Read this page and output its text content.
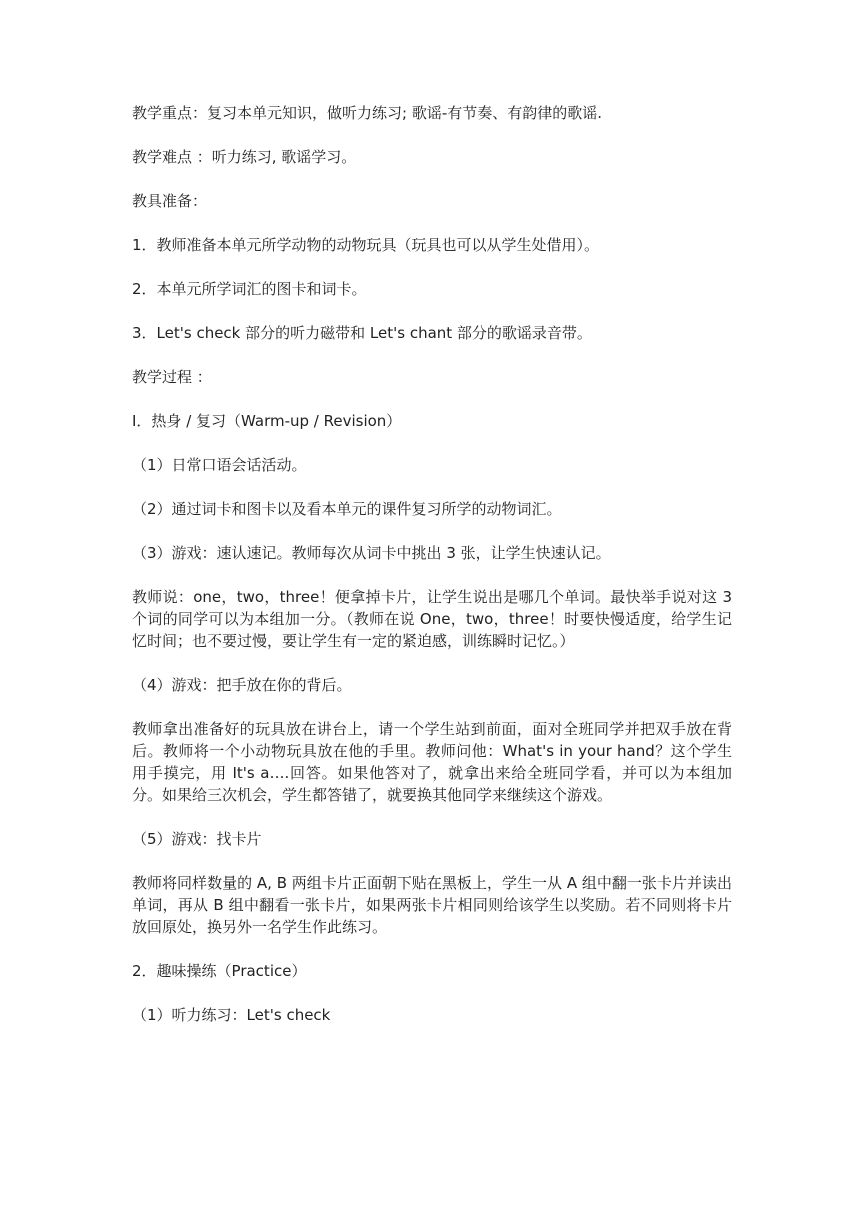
教学重点：复习本单元知识，做听力练习; 歌谣-有节奏、有韵律的歌谣.

教学难点 ：听力练习, 歌谣学习。

教具准备：

1．教师准备本单元所学动物的动物玩具（玩具也可以从学生处借用）。

2．本单元所学词汇的图卡和词卡。

3．Let's check 部分的听力磁带和 Let's chant 部分的歌谣录音带。

教学过程 ：

I．热身 / 复习（Warm-up / Revision）

（1）日常口语会话活动。

（2）通过词卡和图卡以及看本单元的课件复习所学的动物词汇。

（3）游戏：速认速记。教师每次从词卡中挑出 3 张，让学生快速认记。

教师说：one，two，three！便拿掉卡片，让学生说出是哪几个单词。最快举手说对这 3 个词的同学可以为本组加一分。（教师在说 One，two，three！时要快慢适度，给学生记忆时间；也不要过慢，要让学生有一定的紧迫感，训练瞬时记忆。）

（4）游戏：把手放在你的背后。

教师拿出准备好的玩具放在讲台上，请一个学生站到前面，面对全班同学并把双手放在背后。教师将一个小动物玩具放在他的手里。教师问他：What's in your hand？这个学生用手摸完，用 It's a….回答。如果他答对了，就拿出来给全班同学看，并可以为本组加分。如果给三次机会，学生都答错了，就要换其他同学来继续这个游戏。

（5）游戏：找卡片

教师将同样数量的 A, B 两组卡片正面朝下贴在黑板上，学生一从 A 组中翻一张卡片并读出单词，再从 B 组中翻看一张卡片，如果两张卡片相同则给该学生以奖励。若不同则将卡片放回原处，换另外一名学生作此练习。

2．趣味操练（Practice）

（1）听力练习：Let's check
